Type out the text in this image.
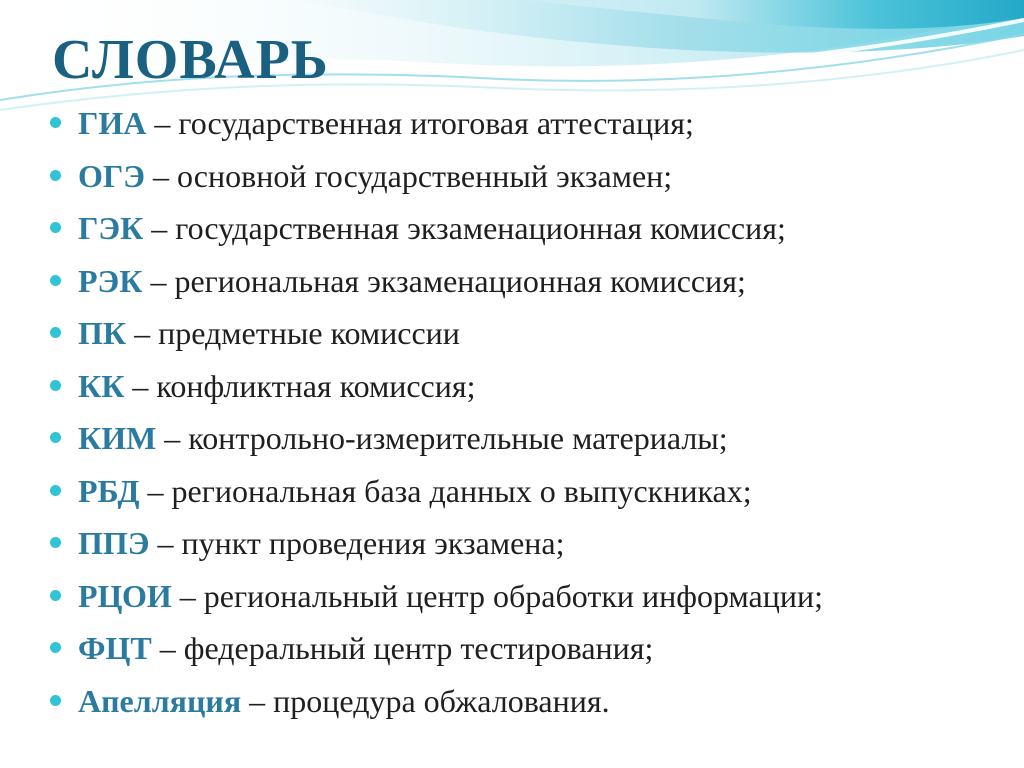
СЛОВАРЬ
ГИА – государственная итоговая аттестация;
ОГЭ – основной государственный экзамен;
ГЭК – государственная экзаменационная комиссия;
РЭК – региональная экзаменационная комиссия;
ПК – предметные комиссии
КК – конфликтная комиссия;
КИМ – контрольно-измерительные материалы;
РБД – региональная база данных о выпускниках;
ППЭ – пункт проведения экзамена;
РЦОИ – региональный центр обработки информации;
ФЦТ – федеральный центр тестирования;
Апелляция – процедура обжалования.
